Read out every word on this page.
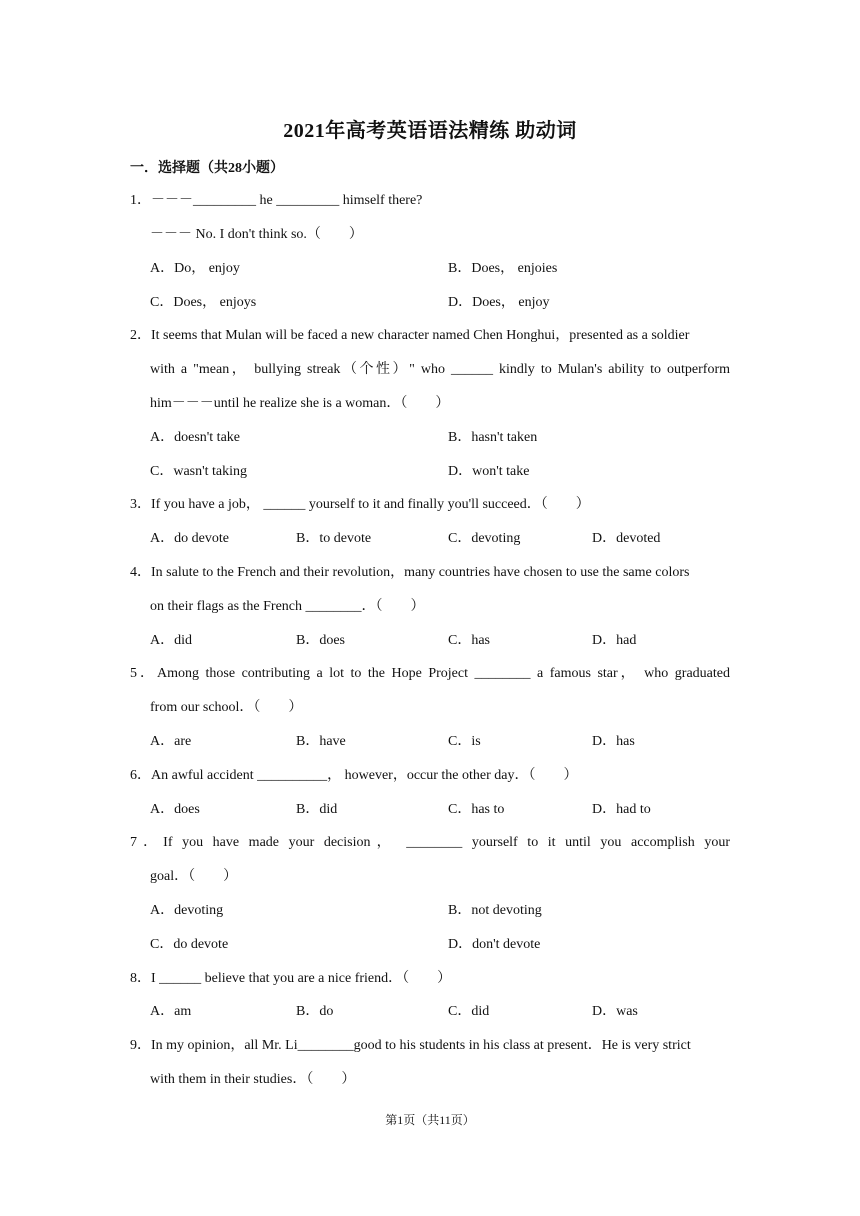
2021年高考英语语法精练 助动词
一．选择题（共28小题）
1．－－－_________ he _________ himself there?
－－－ No. I don't think so.（　　）
A．Do， enjoy	B．Does， enjoies
C．Does， enjoys	D．Does， enjoy
2．It seems that Mulan will be faced a new character named Chen Honghui，presented as a soldier
with a "mean， bullying streak（个性）" who ______ kindly to Mulan's ability to outperform
him－－－until he realize she is a woman．（　　）
A．doesn't take	B．hasn't taken
C．wasn't taking	D．won't take
3．If you have a job， ______ yourself to it and finally you'll succeed．（　　）
A．do devote	B．to devote	C．devoting	D．devoted
4．In salute to the French and their revolution，many countries have chosen to use the same colors
on their flags as the French ________．（　　）
A．did	B．does	C．has	D．had
5．Among those contributing a lot to the Hope Project ________ a famous star， who graduated
from our school．（　　）
A．are	B．have	C．is	D．has
6．An awful accident __________， however，occur the other day．（　　）
A．does	B．did	C．has to	D．had to
7．If you have made your decision， ________ yourself to it until you accomplish your
goal．（　　）
A．devoting	B．not devoting
C．do devote	D．don't devote
8．I ______ believe that you are a nice friend．（　　）
A．am	B．do	C．did	D．was
9．In my opinion，all Mr. Li________good to his students in his class at present．He is very strict
with them in their studies．（　　）
第1页（共11页）
